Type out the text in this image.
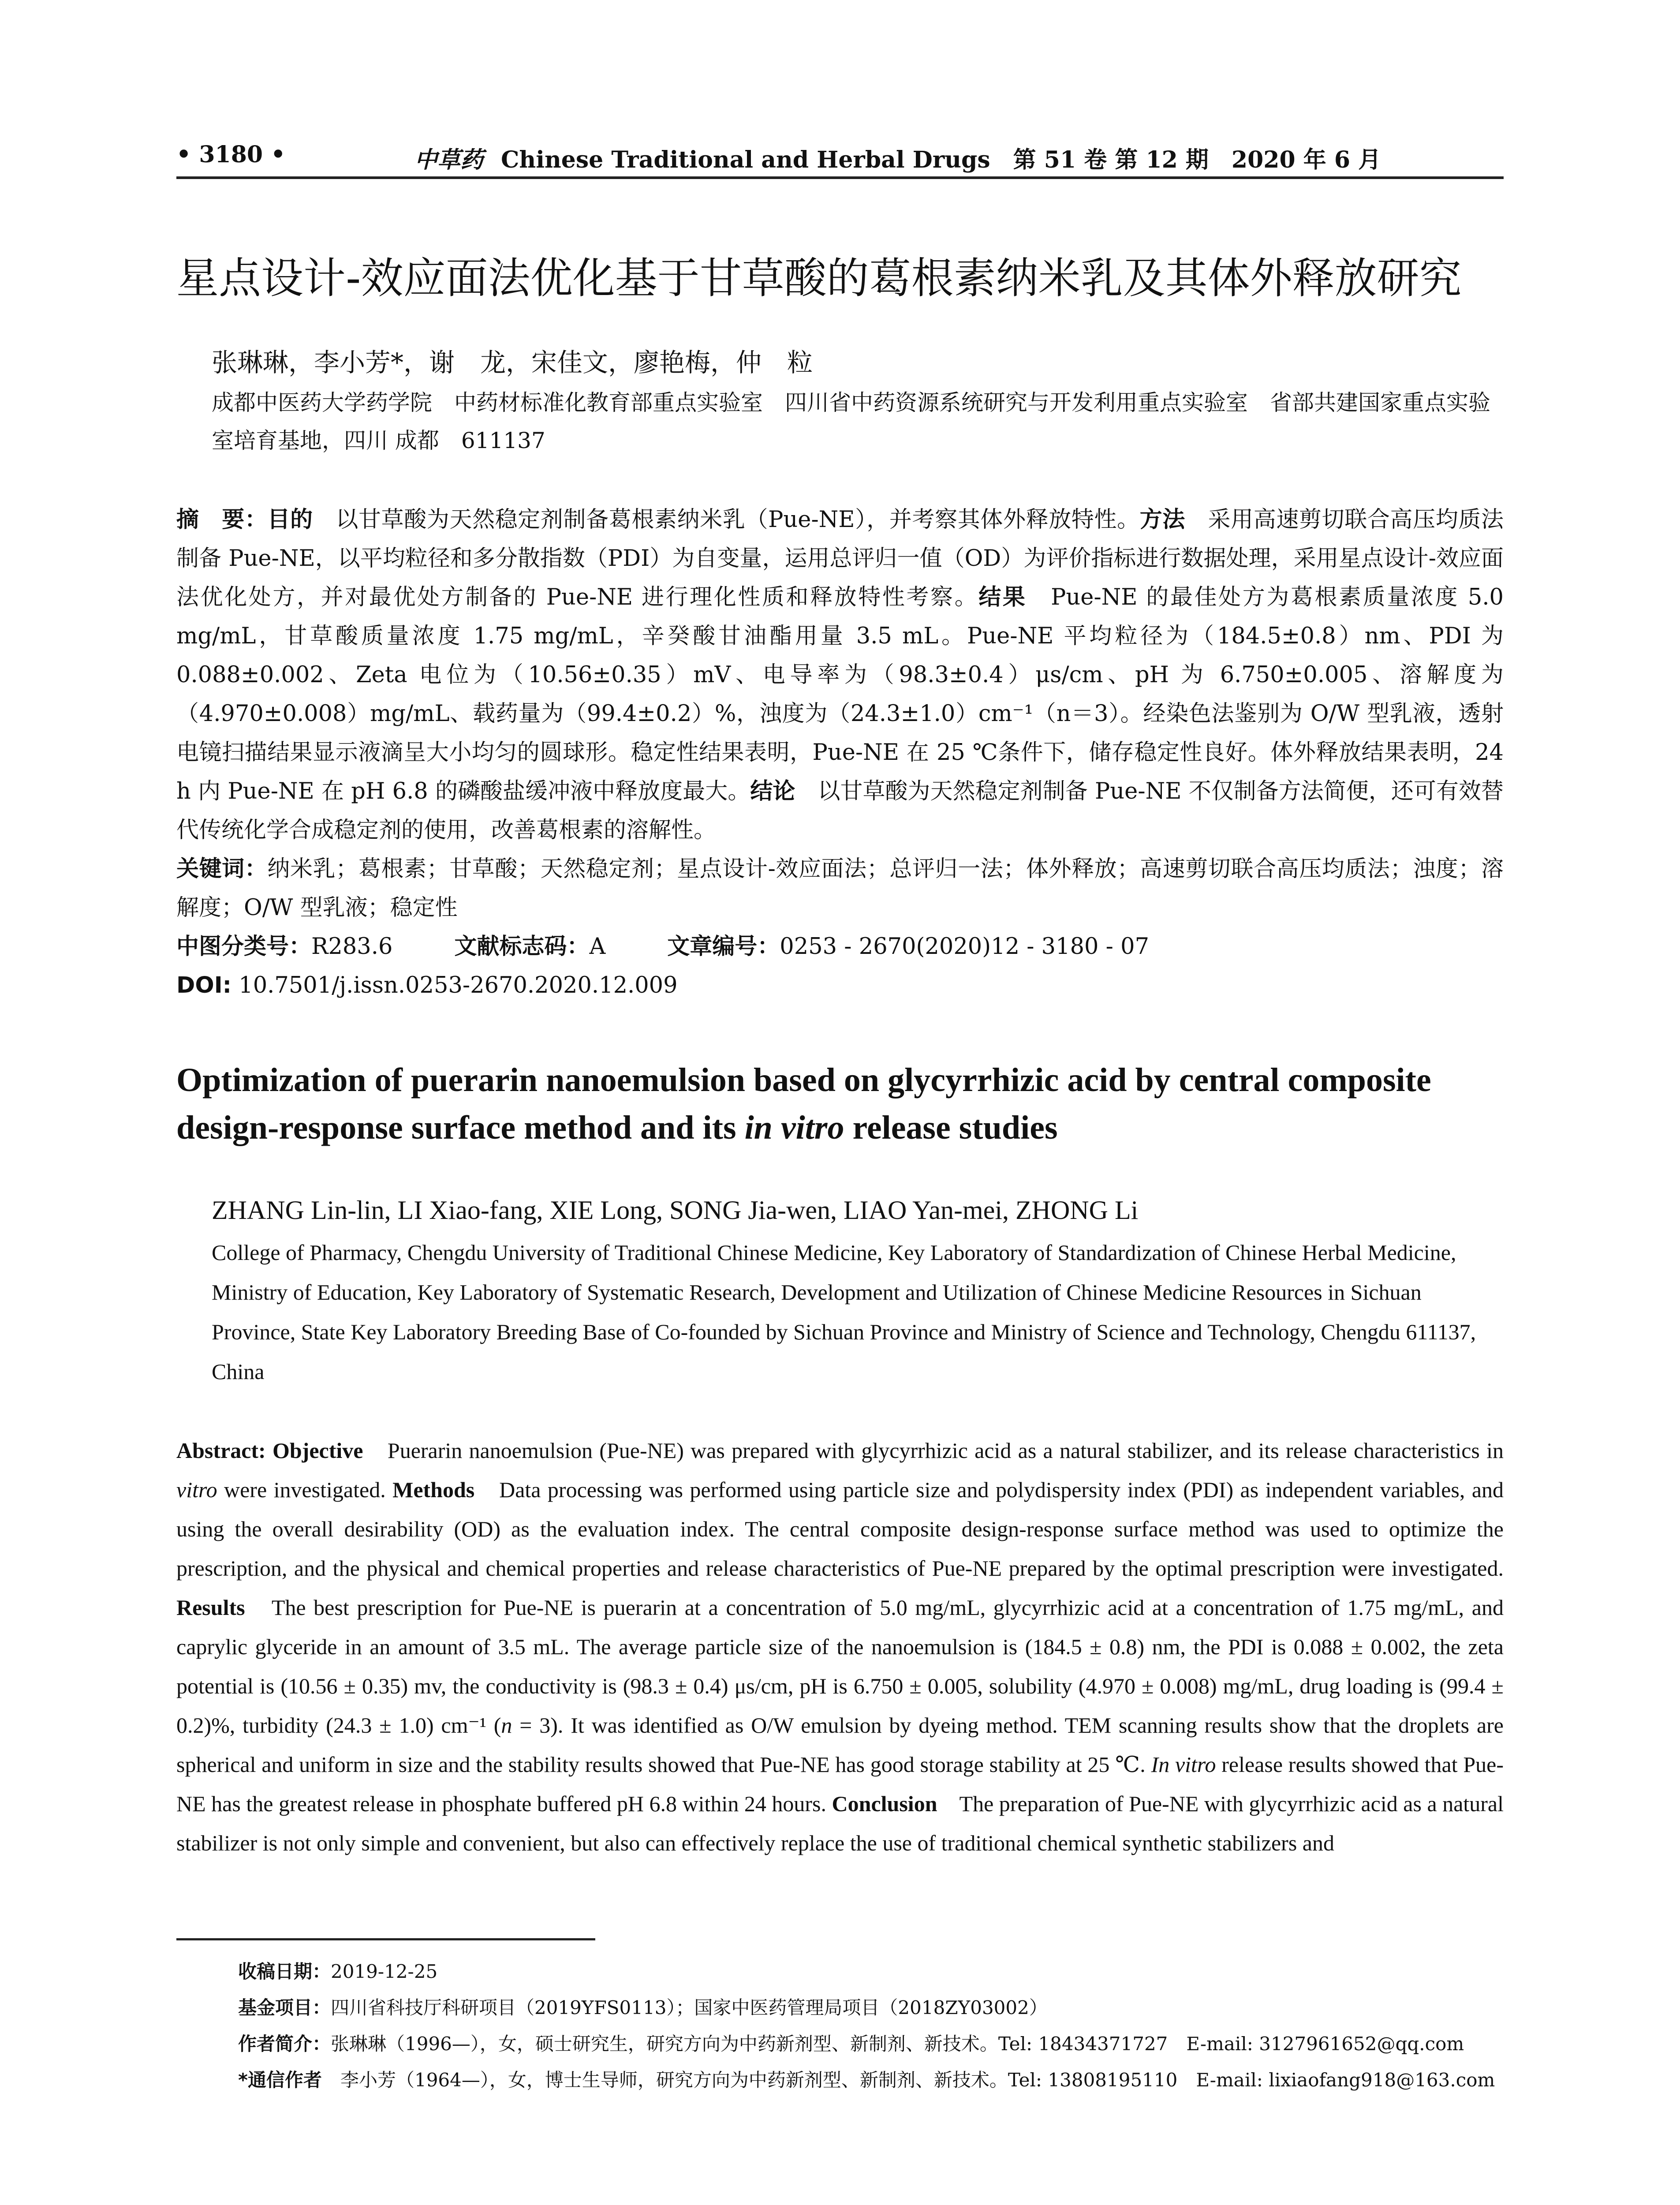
• 3180 •	中草药 Chinese Traditional and Herbal Drugs　第 51 卷 第 12 期　2020 年 6 月
星点设计-效应面法优化基于甘草酸的葛根素纳米乳及其体外释放研究
张琳琳，李小芳*，谢　龙，宋佳文，廖艳梅，仲　粒
成都中医药大学药学院　中药材标准化教育部重点实验室　四川省中药资源系统研究与开发利用重点实验室　省部共建国家重点实验室培育基地，四川 成都　611137

摘　要：目的　以甘草酸为天然稳定剂制备葛根素纳米乳（Pue-NE），并考察其体外释放特性。方法　采用高速剪切联合高压均质法制备 Pue-NE，以平均粒径和多分散指数（PDI）为自变量，运用总评归一值（OD）为评价指标进行数据处理，采用星点设计-效应面法优化处方，并对最优处方制备的 Pue-NE 进行理化性质和释放特性考察。结果　Pue-NE 的最佳处方为葛根素质量浓度 5.0 mg/mL，甘草酸质量浓度 1.75 mg/mL，辛癸酸甘油酯用量 3.5 mL。Pue-NE 平均粒径为（184.5±0.8）nm、PDI 为 0.088±0.002、Zeta 电位为（10.56±0.35）mV、电导率为（98.3±0.4）μs/cm、pH 为 6.750±0.005、溶解度为（4.970±0.008）mg/mL、载药量为（99.4±0.2）%，浊度为（24.3±1.0）cm⁻¹（n＝3）。经染色法鉴别为 O/W 型乳液，透射电镜扫描结果显示液滴呈大小均匀的圆球形。稳定性结果表明，Pue-NE 在 25 ℃条件下，储存稳定性良好。体外释放结果表明，24 h 内 Pue-NE 在 pH 6.8 的磷酸盐缓冲液中释放度最大。结论　以甘草酸为天然稳定剂制备 Pue-NE 不仅制备方法简便，还可有效替代传统化学合成稳定剂的使用，改善葛根素的溶解性。

关键词：纳米乳；葛根素；甘草酸；天然稳定剂；星点设计-效应面法；总评归一法；体外释放；高速剪切联合高压均质法；浊度；溶解度；O/W 型乳液；稳定性

中图分类号：R283.6	文献标志码：A	文章编号：0253 - 2670(2020)12 - 3180 - 07

DOI: 10.7501/j.issn.0253-2670.2020.12.009

Optimization of puerarin nanoemulsion based on glycyrrhizic acid by central composite design-response surface method and its in vitro release studies
ZHANG Lin-lin, LI Xiao-fang, XIE Long, SONG Jia-wen, LIAO Yan-mei, ZHONG Li
College of Pharmacy, Chengdu University of Traditional Chinese Medicine, Key Laboratory of Standardization of Chinese Herbal Medicine, Ministry of Education, Key Laboratory of Systematic Research, Development and Utilization of Chinese Medicine Resources in Sichuan Province, State Key Laboratory Breeding Base of Co-founded by Sichuan Province and Ministry of Science and Technology, Chengdu 611137, China

Abstract: Objective　Puerarin nanoemulsion (Pue-NE) was prepared with glycyrrhizic acid as a natural stabilizer, and its release characteristics in vitro were investigated. Methods　Data processing was performed using particle size and polydispersity index (PDI) as independent variables, and using the overall desirability (OD) as the evaluation index. The central composite design-response surface method was used to optimize the prescription, and the physical and chemical properties and release characteristics of Pue-NE prepared by the optimal prescription were investigated. Results　The best prescription for Pue-NE is puerarin at a concentration of 5.0 mg/mL, glycyrrhizic acid at a concentration of 1.75 mg/mL, and caprylic glyceride in an amount of 3.5 mL. The average particle size of the nanoemulsion is (184.5 ± 0.8) nm, the PDI is 0.088 ± 0.002, the zeta potential is (10.56 ± 0.35) mv, the conductivity is (98.3 ± 0.4) μs/cm, pH is 6.750 ± 0.005, solubility (4.970 ± 0.008) mg/mL, drug loading is (99.4 ± 0.2)%, turbidity (24.3 ± 1.0) cm⁻¹ (n = 3). It was identified as O/W emulsion by dyeing method. TEM scanning results show that the droplets are spherical and uniform in size and the stability results showed that Pue-NE has good storage stability at 25 ℃. In vitro release results showed that Pue-NE has the greatest release in phosphate buffered pH 6.8 within 24 hours. Conclusion　The preparation of Pue-NE with glycyrrhizic acid as a natural stabilizer is not only simple and convenient, but also can effectively replace the use of traditional chemical synthetic stabilizers and

收稿日期：2019-12-25

基金项目：四川省科技厅科研项目（2019YFS0113）；国家中医药管理局项目（2018ZY03002）

作者简介：张琳琳（1996—），女，硕士研究生，研究方向为中药新剂型、新制剂、新技术。Tel: 18434371727　E-mail: 3127961652@qq.com

*通信作者　李小芳（1964—），女，博士生导师，研究方向为中药新剂型、新制剂、新技术。Tel: 13808195110　E-mail: lixiaofang918@163.com
